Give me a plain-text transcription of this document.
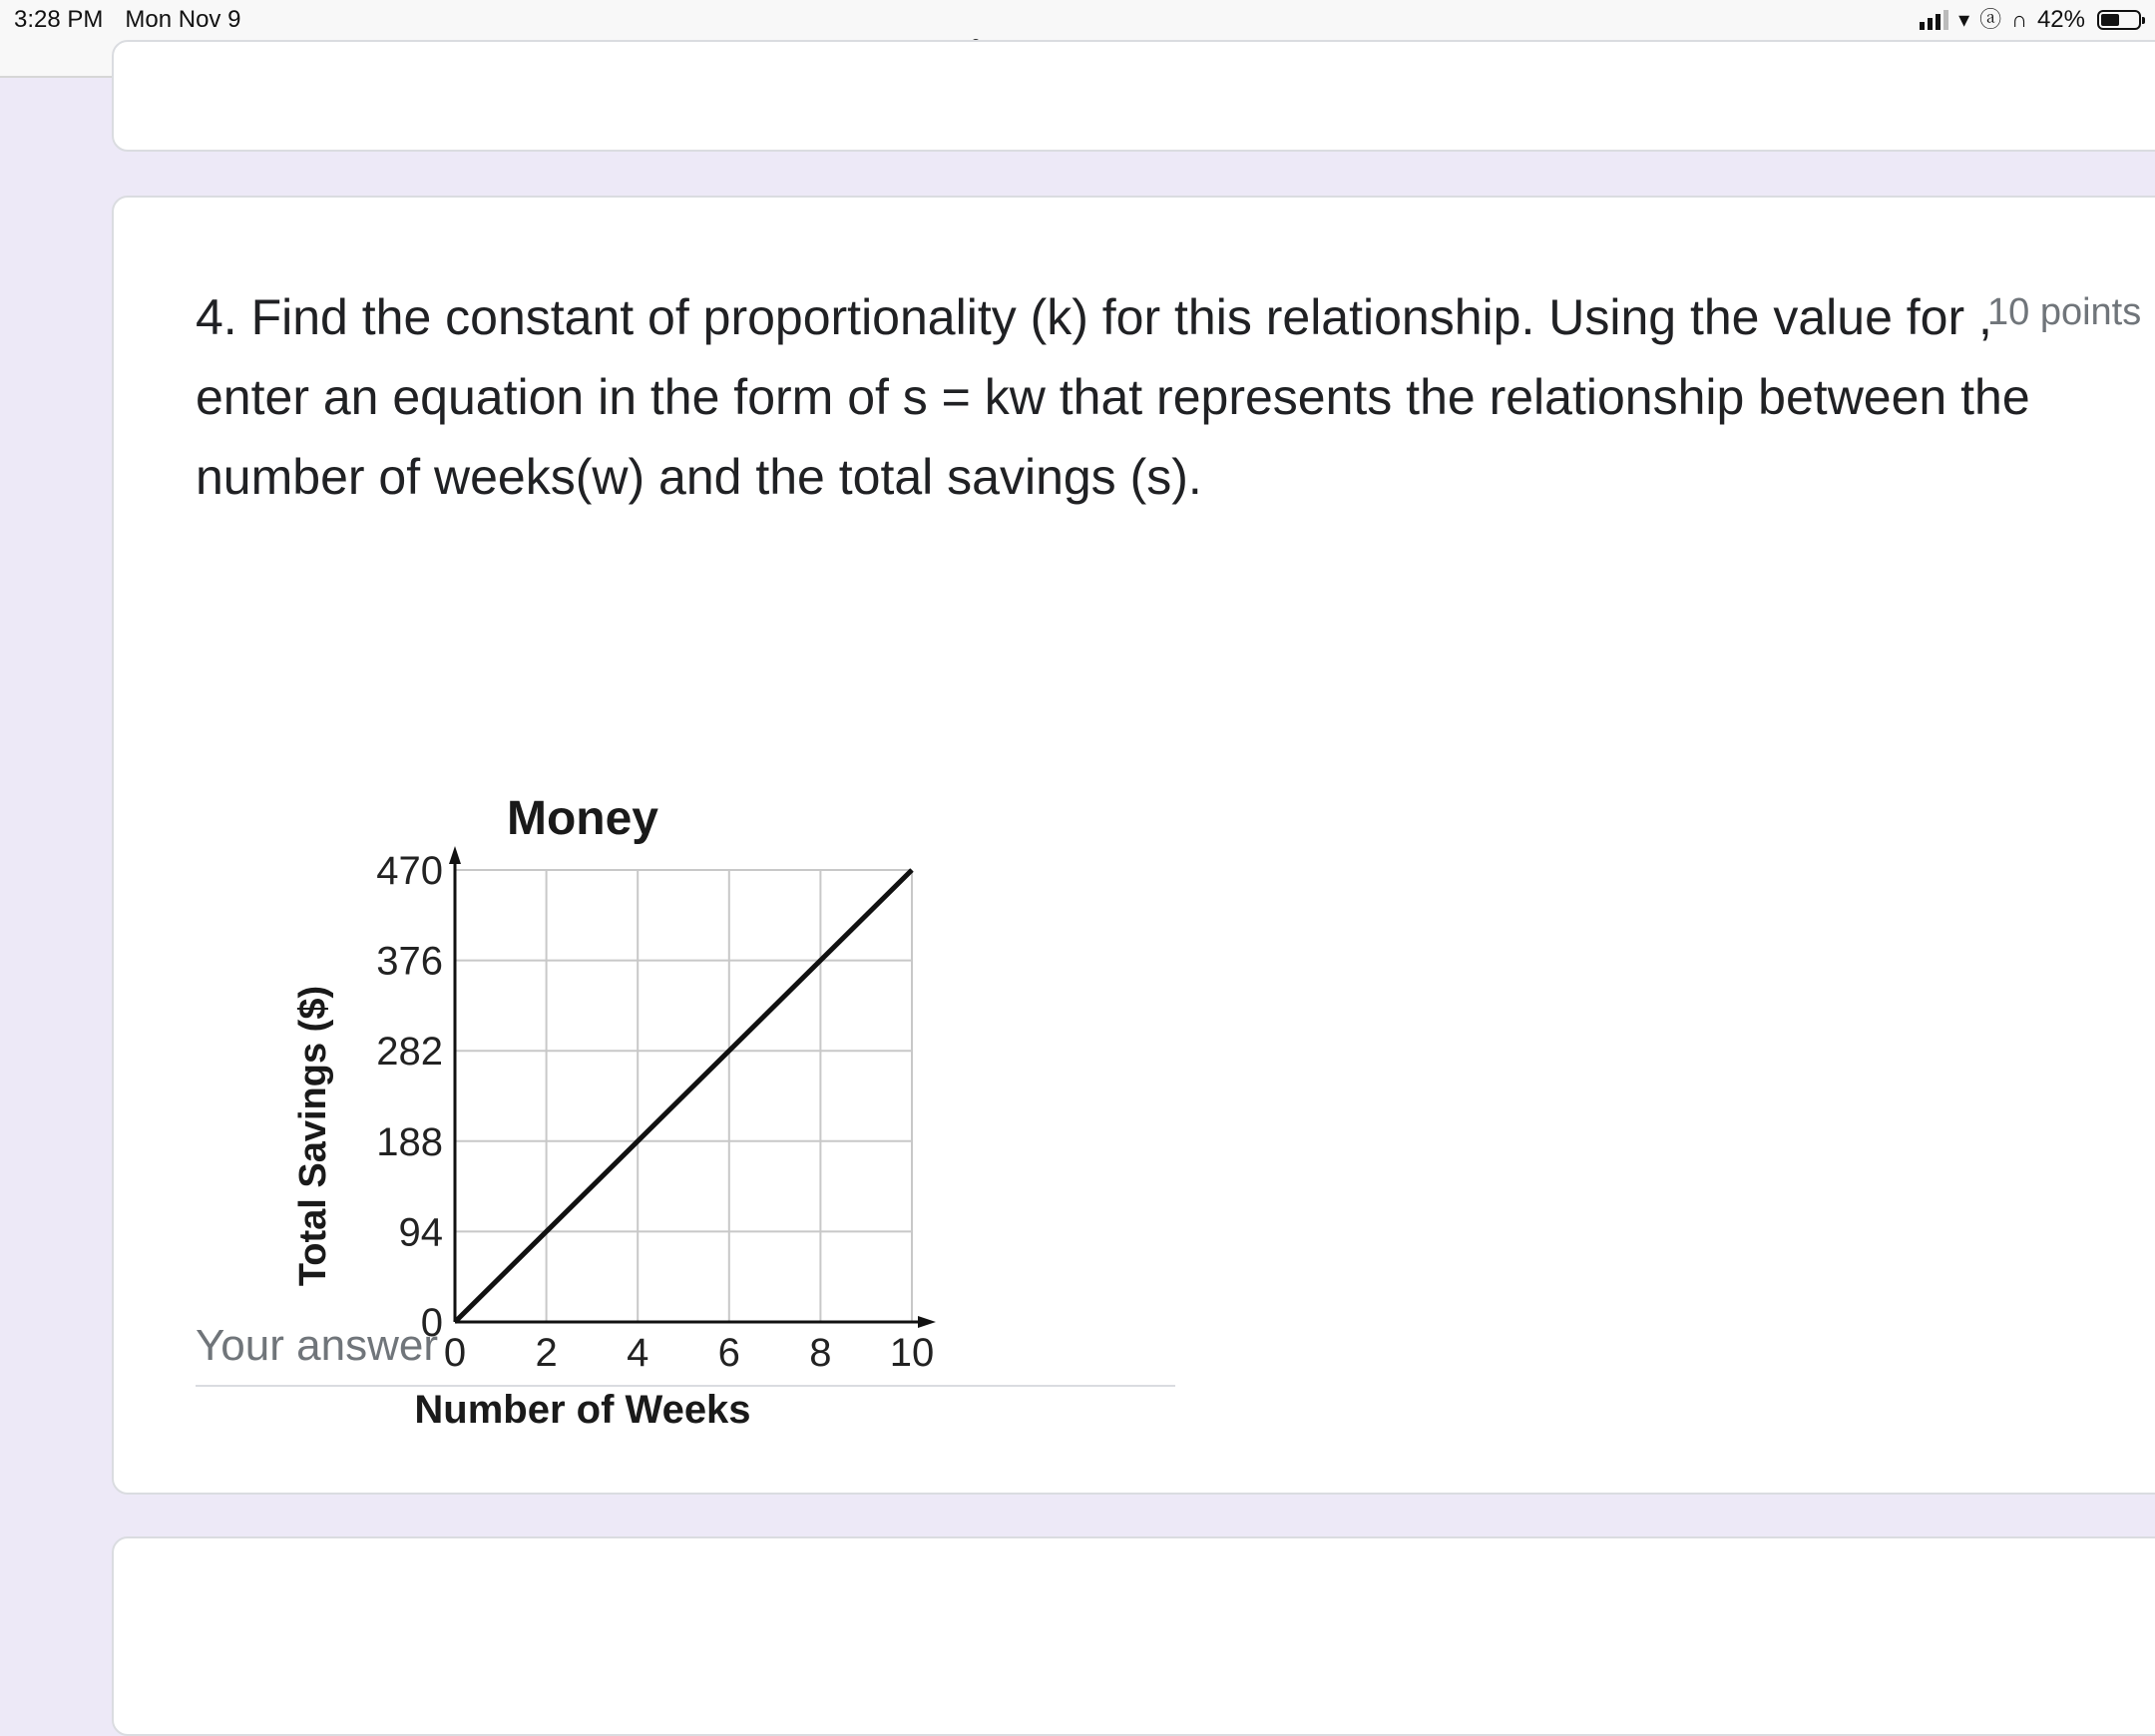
3:28 PM Mon Nov 9	▾ ⓐ ∩ 42%
4. Find the constant of proportionality (k) for this relationship. Using the value for , enter an equation in the form of s = kw that represents the relationship between the number of weeks(w) and the total savings (s).
10 points
Money
0
94
188
282
376
470
0 2 4 6 8 10
Total Savings ($)
Number of Weeks
Your answer
